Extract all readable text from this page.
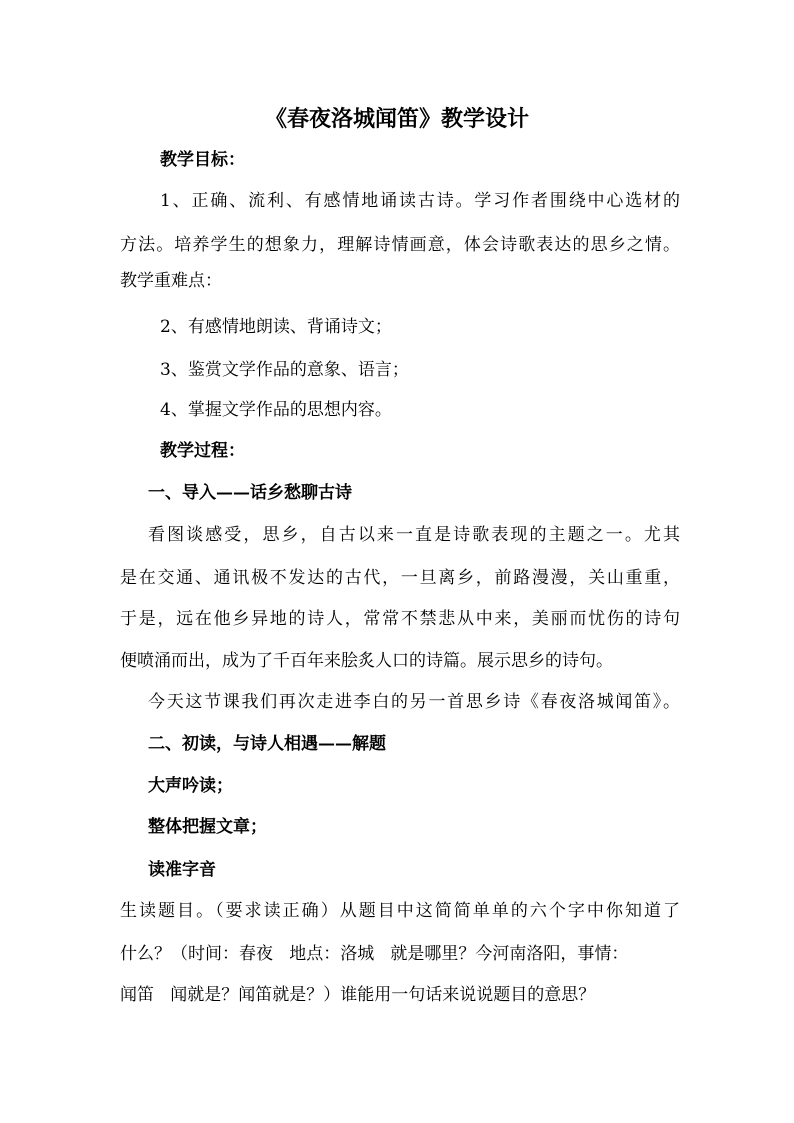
《春夜洛城闻笛》教学设计
教学目标：
1、正确、流利、有感情地诵读古诗。学习作者围绕中心选材的
方法。培养学生的想象力，理解诗情画意，体会诗歌表达的思乡之情。
教学重难点：
2、有感情地朗读、背诵诗文；
3、鉴赏文学作品的意象、语言；
4、掌握文学作品的思想内容。
教学过程：
一、导入——话乡愁聊古诗
看图谈感受，思乡，自古以来一直是诗歌表现的主题之一。尤其
是在交通、通讯极不发达的古代，一旦离乡，前路漫漫，关山重重，
于是，远在他乡异地的诗人，常常不禁悲从中来，美丽而忧伤的诗句
便喷涌而出，成为了千百年来脍炙人口的诗篇。展示思乡的诗句。
今天这节课我们再次走进李白的另一首思乡诗《春夜洛城闻笛》。
二、初读，与诗人相遇——解题
大声吟读；
整体把握文章；
读准字音
生读题目。（要求读正确）从题目中这简简单单的六个字中你知道了
什么？（时间：春夜   地点：洛城   就是哪里？今河南洛阳，事情：
闻笛   闻就是？闻笛就是？）谁能用一句话来说说题目的意思？
